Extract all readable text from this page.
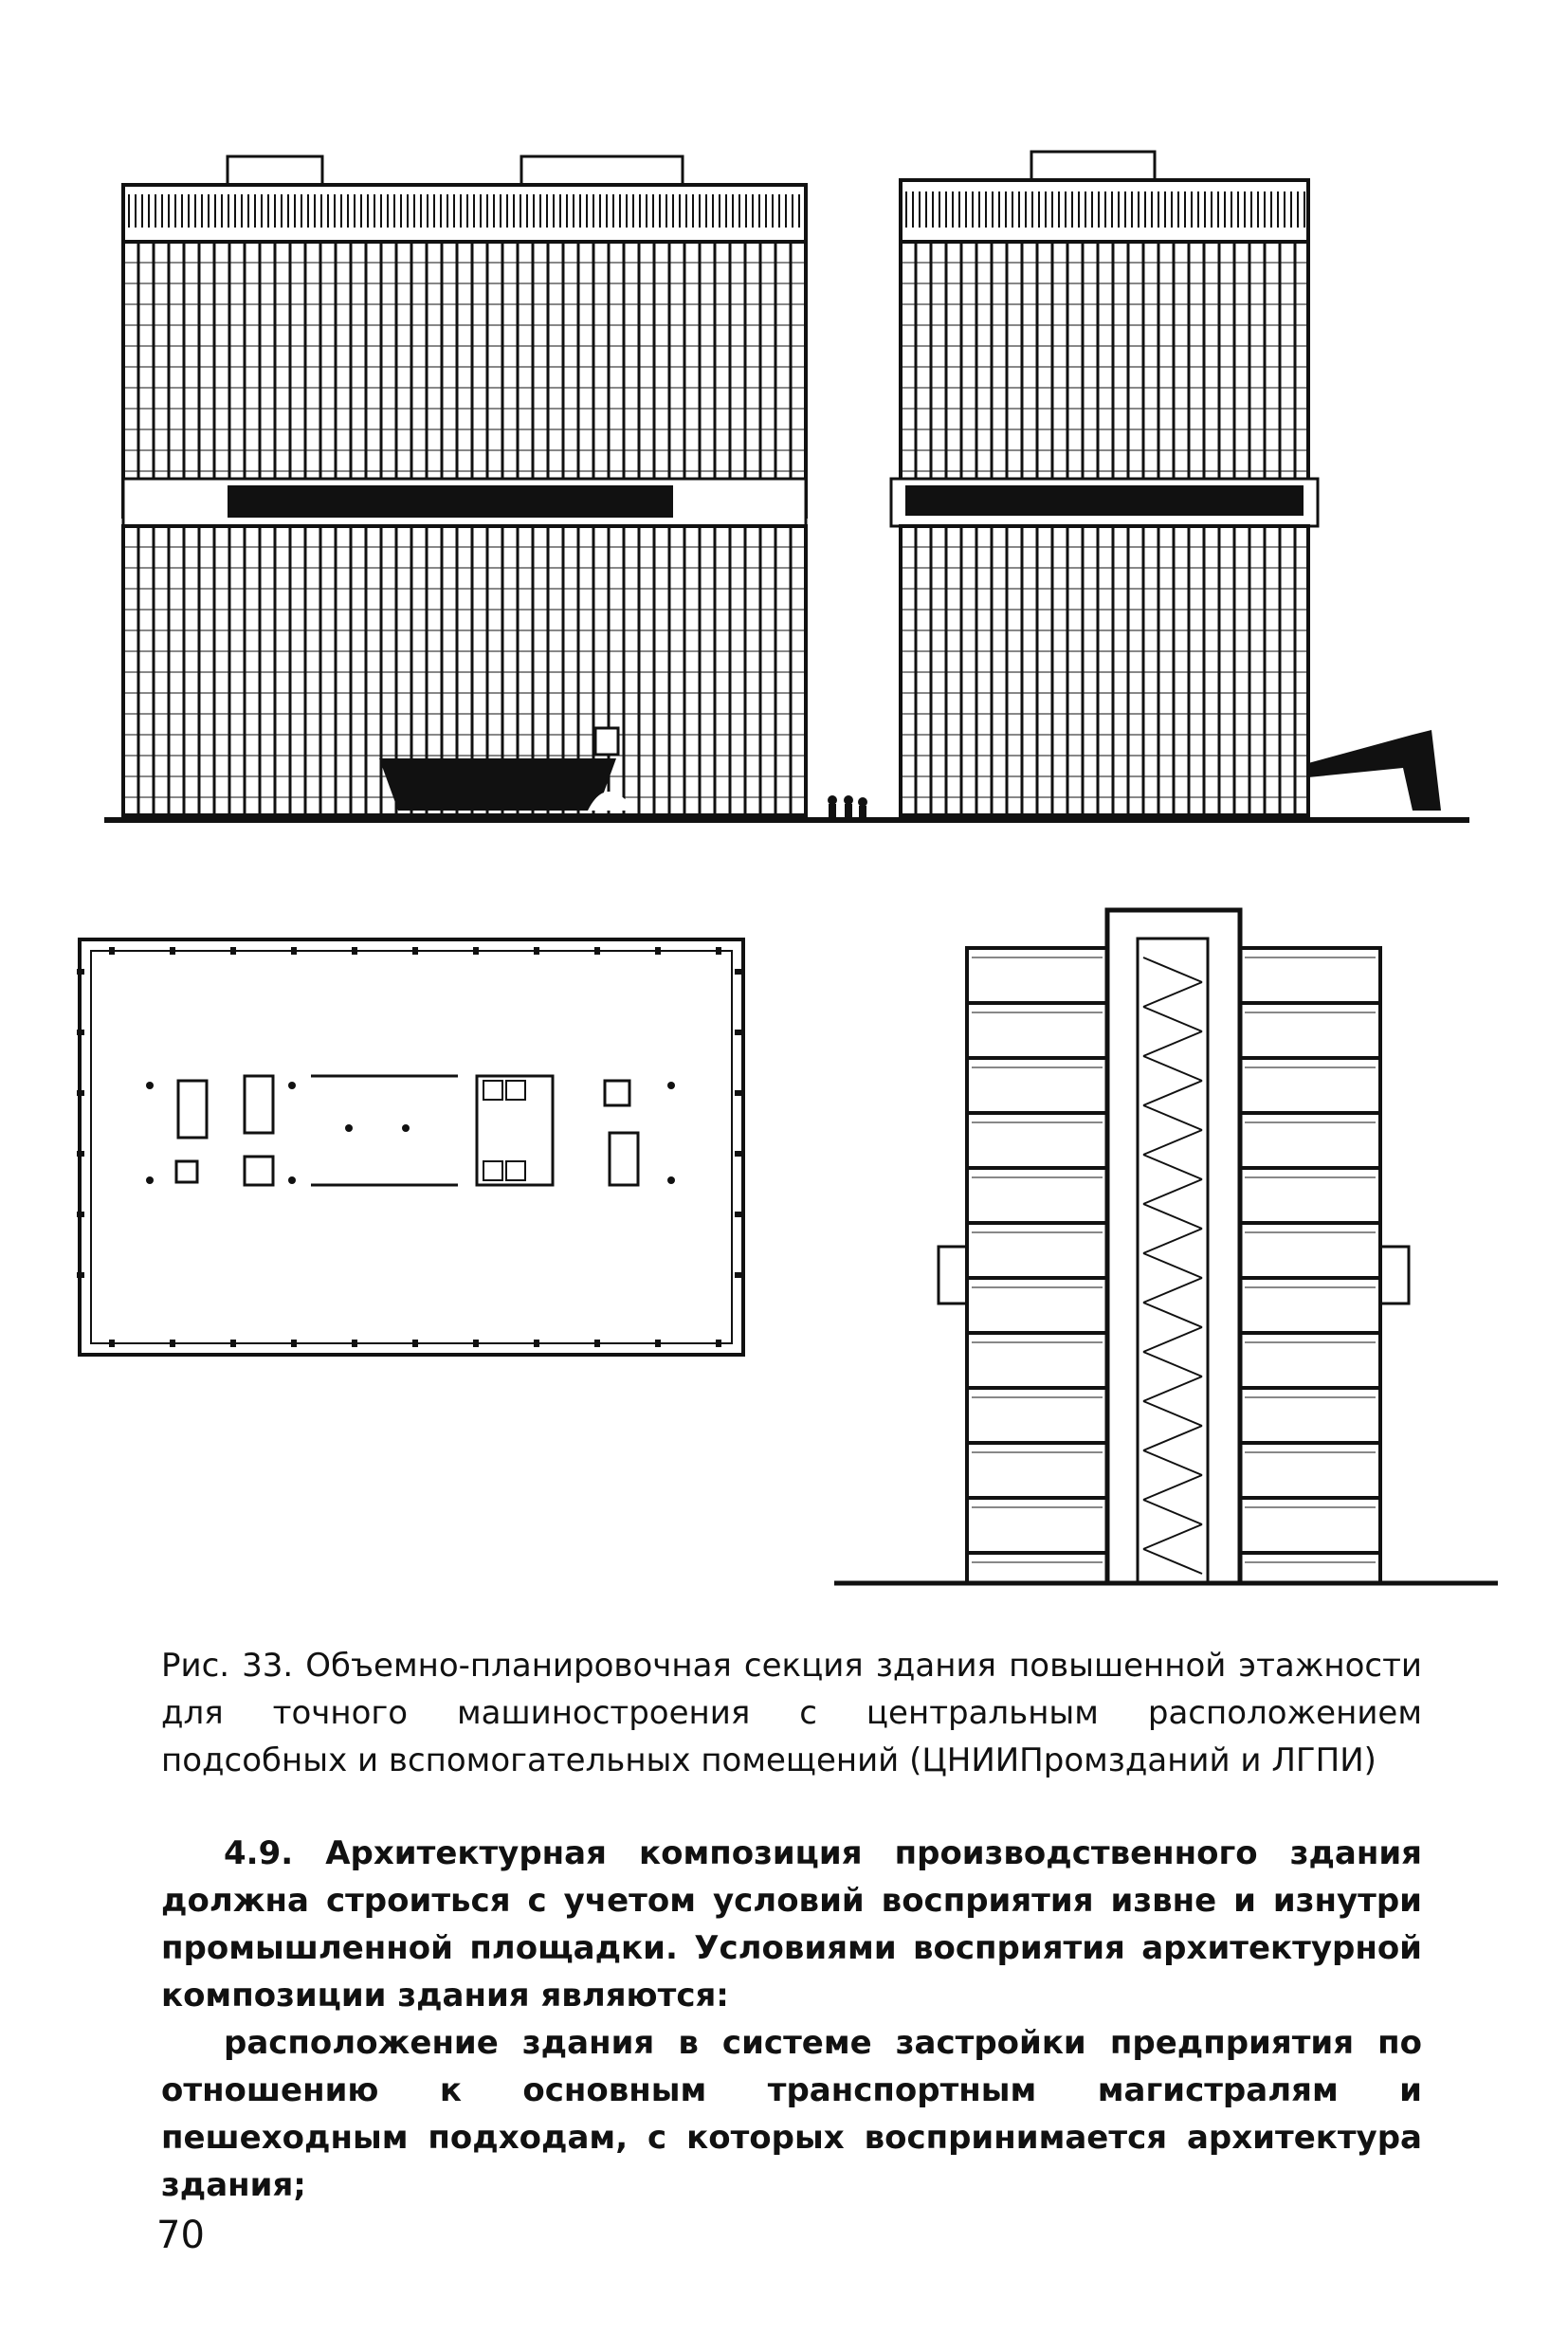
Рис. 33. Объемно-планировочная секция здания повышенной этажности для точного машиностроения с центральным расположением подсобных и вспомогательных помещений (ЦНИИПромзданий и ЛГПИ)
4.9. Архитектурная композиция производственного здания должна строиться с учетом условий восприятия извне и изнутри промышленной площадки. Условиями восприятия архитектурной композиции здания являются:
расположение здания в системе застройки предприятия по отношению к основным транспортным магистралям и пешеходным подходам, с которых воспринимается архитектура здания;
70
